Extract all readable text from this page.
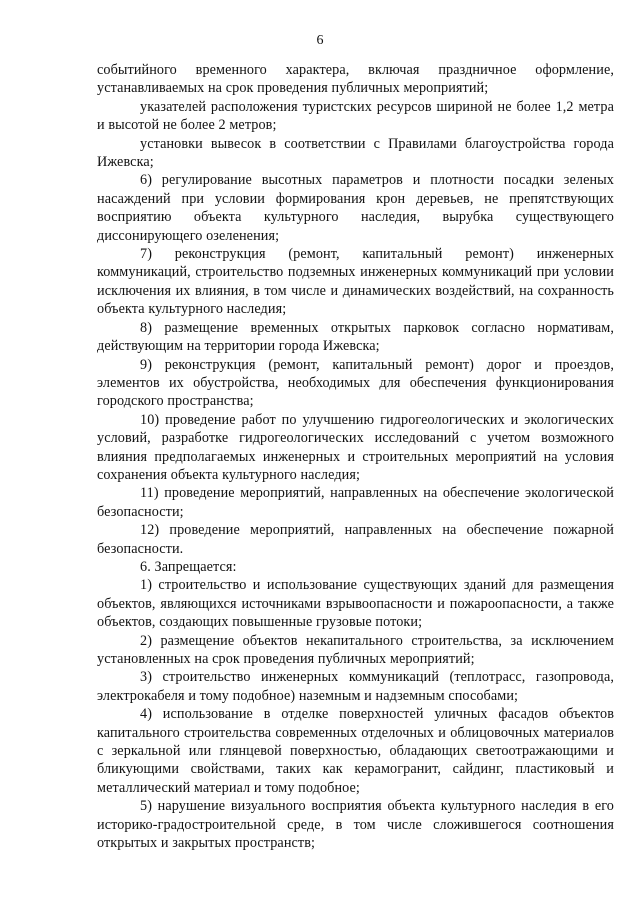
6

событийного временного характера, включая праздничное оформление, устанавливаемых на срок проведения публичных мероприятий;

указателей расположения туристских ресурсов шириной не более 1,2 метра и высотой не более 2 метров;

установки вывесок в соответствии с Правилами благоустройства города Ижевска;

6) регулирование высотных параметров и плотности посадки зеленых насаждений при условии формирования крон деревьев, не препятствующих восприятию объекта культурного наследия, вырубка существующего диссонирующего озеленения;

7) реконструкция (ремонт, капитальный ремонт) инженерных коммуникаций, строительство подземных инженерных коммуникаций при условии исключения их влияния, в том числе и динамических воздействий, на сохранность объекта культурного наследия;

8) размещение временных открытых парковок согласно нормативам, действующим на территории города Ижевска;

9) реконструкция (ремонт, капитальный ремонт) дорог и проездов, элементов их обустройства, необходимых для обеспечения функционирования городского пространства;

10) проведение работ по улучшению гидрогеологических и экологических условий, разработке гидрогеологических исследований с учетом возможного влияния предполагаемых инженерных и строительных мероприятий на условия сохранения объекта культурного наследия;

11) проведение мероприятий, направленных на обеспечение экологической безопасности;

12) проведение мероприятий, направленных на обеспечение пожарной безопасности.

6. Запрещается:

1) строительство и использование существующих зданий для размещения объектов, являющихся источниками взрывоопасности и пожароопасности, а также объектов, создающих повышенные грузовые потоки;

2) размещение объектов некапитального строительства, за исключением установленных на срок проведения публичных мероприятий;

3) строительство инженерных коммуникаций (теплотрасс, газопровода, электрокабеля и тому подобное) наземным и надземным способами;

4) использование в отделке поверхностей уличных фасадов объектов капитального строительства современных отделочных и облицовочных материалов с зеркальной или глянцевой поверхностью, обладающих светоотражающими и бликующими свойствами, таких как керамогранит, сайдинг, пластиковый и металлический материал и тому подобное;

5) нарушение визуального восприятия объекта культурного наследия в его историко-градостроительной среде, в том числе сложившегося соотношения открытых и закрытых пространств;
